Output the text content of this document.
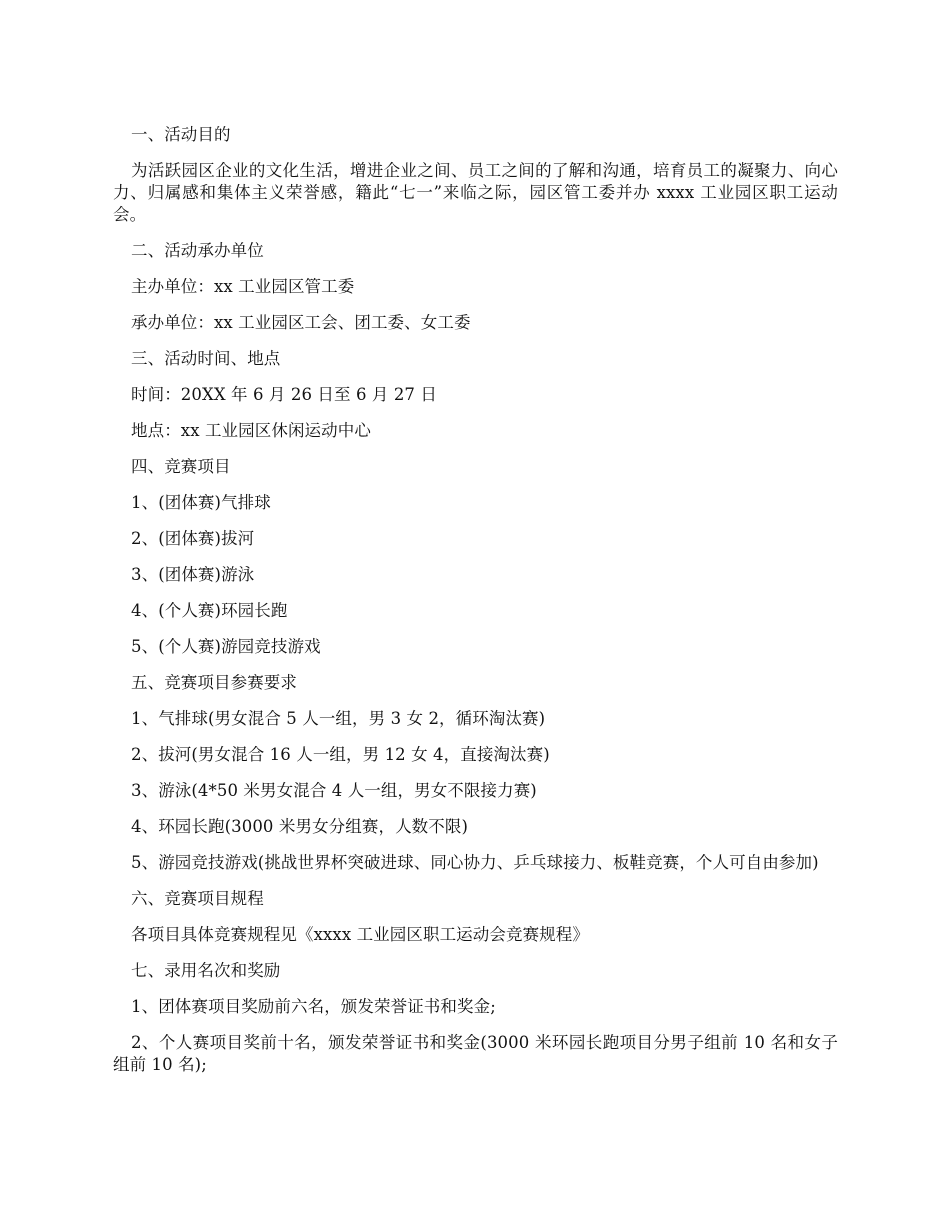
一、活动目的

为活跃园区企业的文化生活，增进企业之间、员工之间的了解和沟通，培育员工的凝聚力、向心力、归属感和集体主义荣誉感，籍此“七一”来临之际，园区管工委并办 xxxx 工业园区职工运动会。

二、活动承办单位

主办单位：xx 工业园区管工委

承办单位：xx 工业园区工会、团工委、女工委

三、活动时间、地点

时间：20XX 年 6 月 26 日至 6 月 27 日

地点：xx 工业园区休闲运动中心

四、竞赛项目

1、(团体赛)气排球

2、(团体赛)拔河

3、(团体赛)游泳

4、(个人赛)环园长跑

5、(个人赛)游园竞技游戏

五、竞赛项目参赛要求

1、气排球(男女混合 5 人一组，男 3 女 2，循环淘汰赛)

2、拔河(男女混合 16 人一组，男 12 女 4，直接淘汰赛)

3、游泳(4*50 米男女混合 4 人一组，男女不限接力赛)

4、环园长跑(3000 米男女分组赛，人数不限)

5、游园竞技游戏(挑战世界杯突破进球、同心协力、乒乓球接力、板鞋竞赛，个人可自由参加)

六、竞赛项目规程

各项目具体竞赛规程见《xxxx 工业园区职工运动会竞赛规程》

七、录用名次和奖励

1、团体赛项目奖励前六名，颁发荣誉证书和奖金;

2、个人赛项目奖前十名，颁发荣誉证书和奖金(3000 米环园长跑项目分男子组前 10 名和女子组前 10 名);
